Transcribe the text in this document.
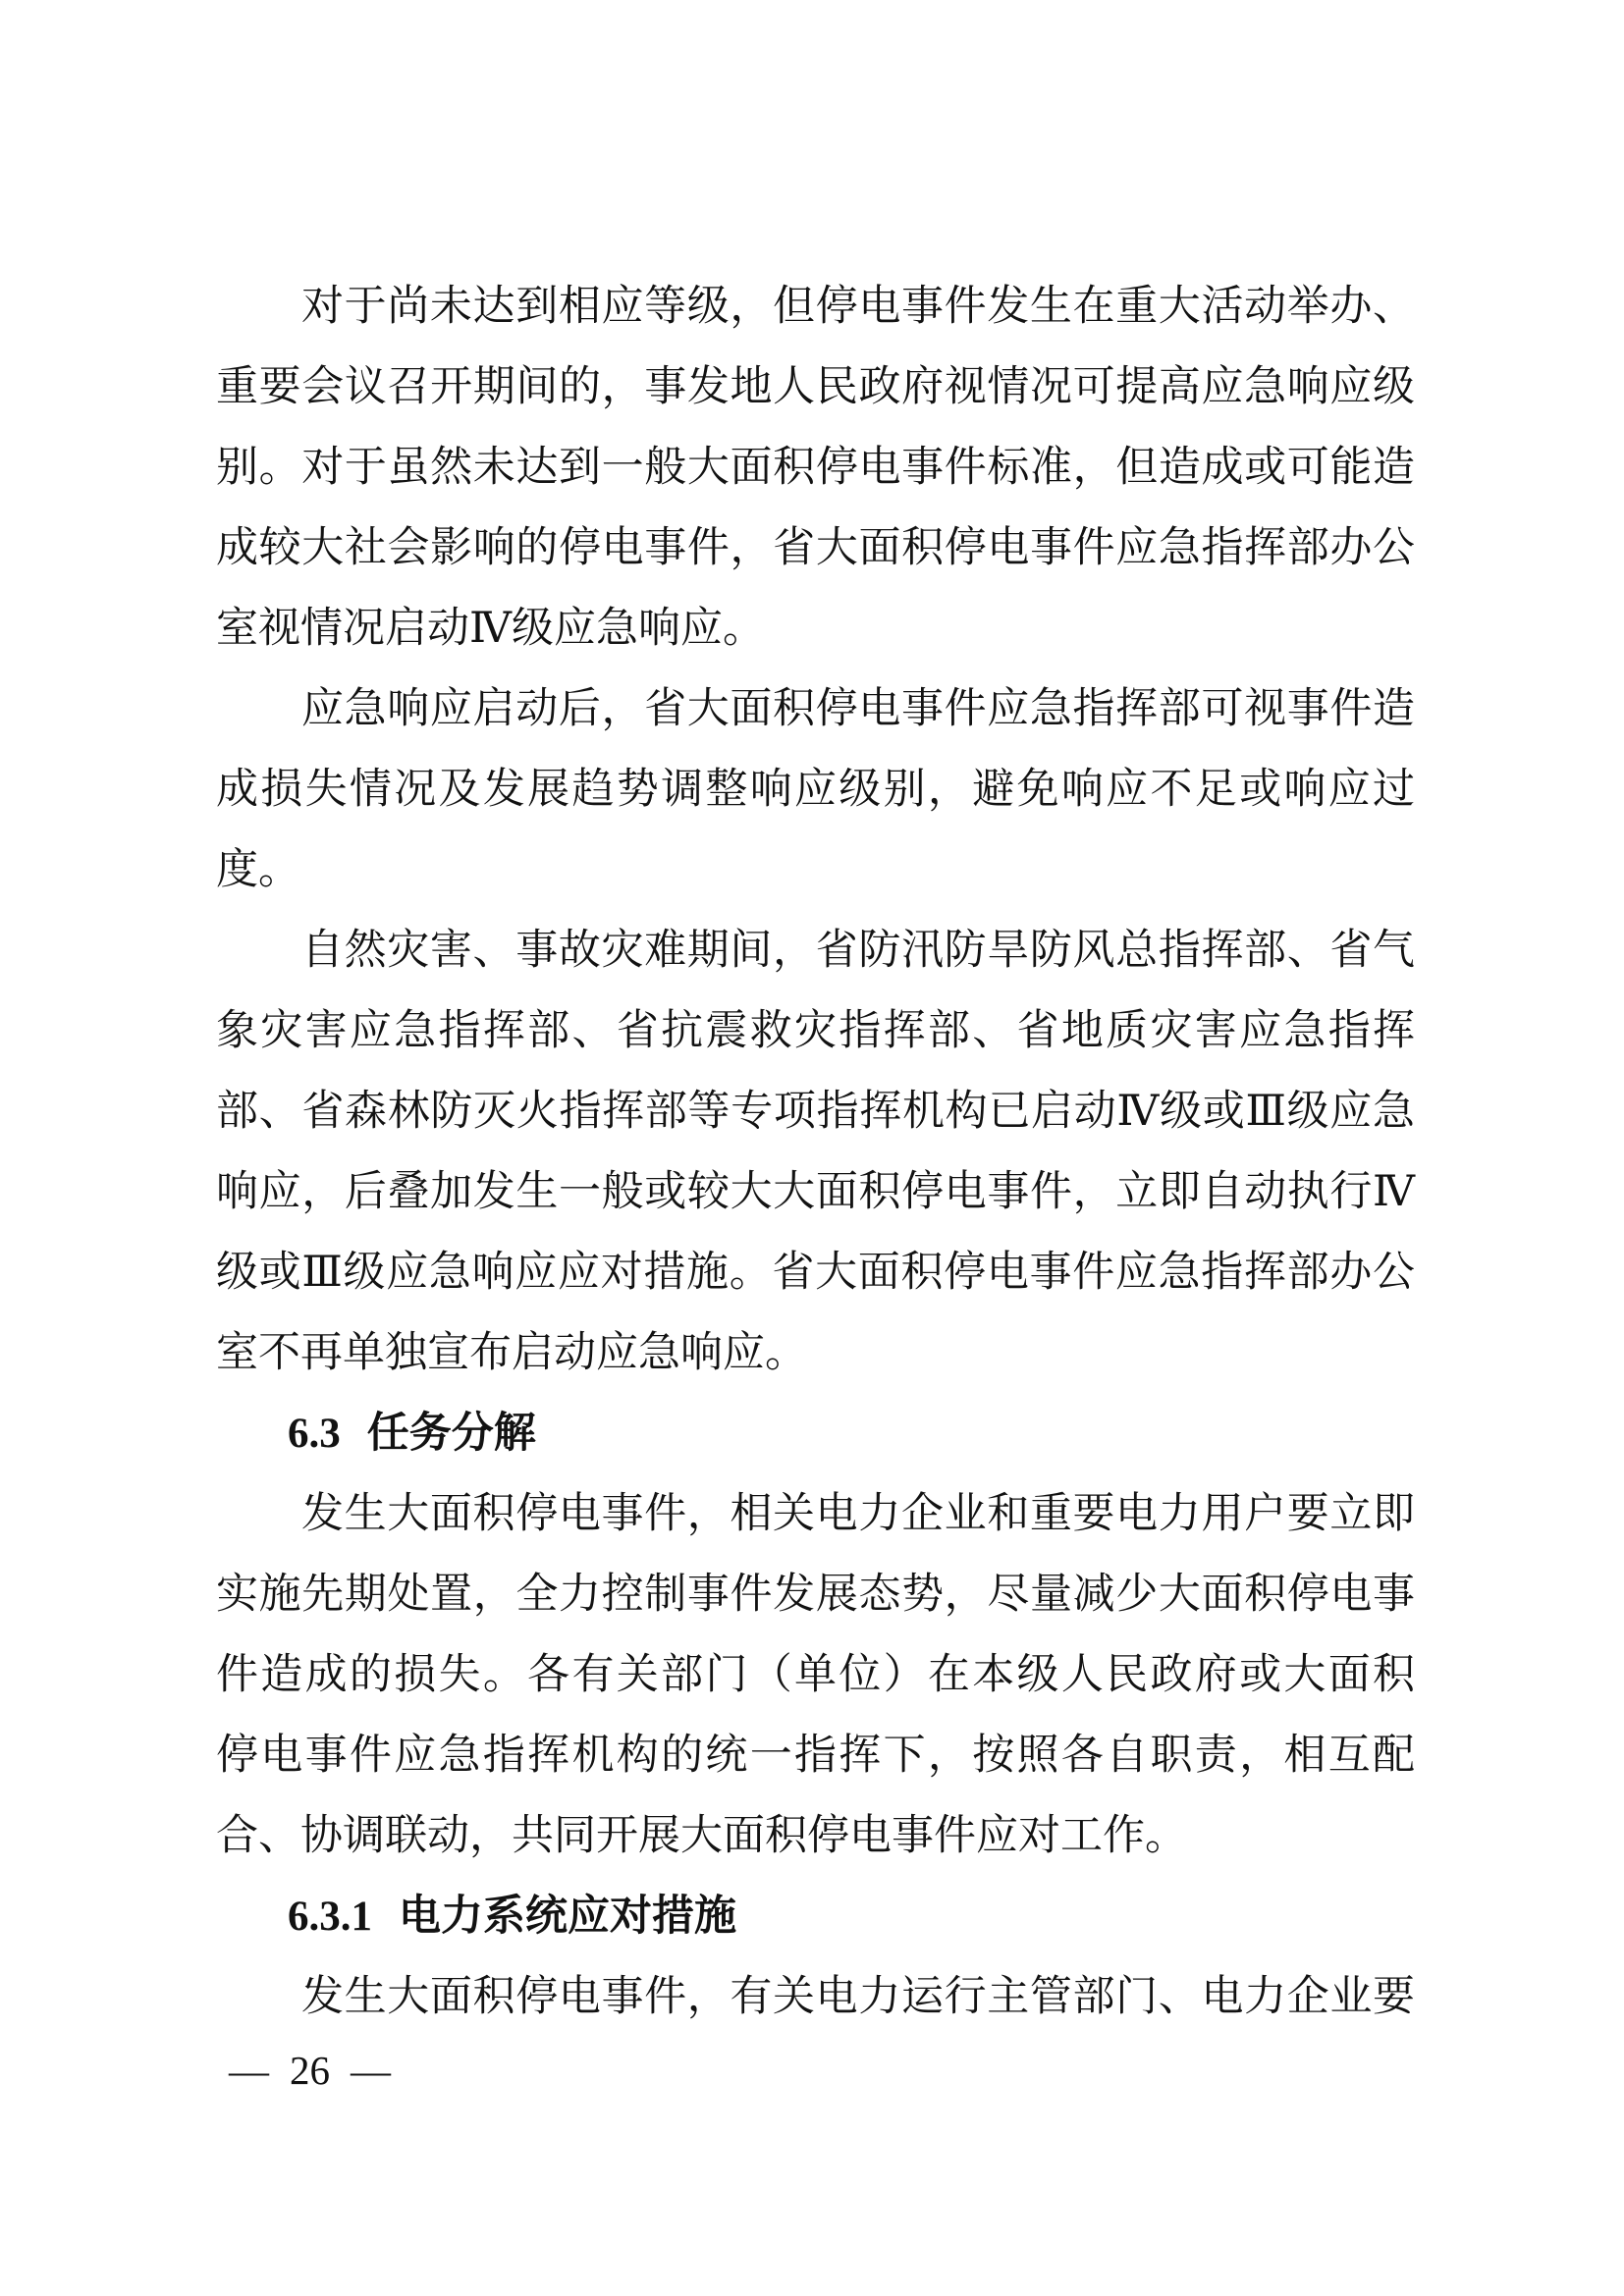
对于尚未达到相应等级，但停电事件发生在重大活动举办、
重要会议召开期间的，事发地人民政府视情况可提高应急响应级
别。对于虽然未达到一般大面积停电事件标准，但造成或可能造
成较大社会影响的停电事件，省大面积停电事件应急指挥部办公
室视情况启动Ⅳ级应急响应。
应急响应启动后，省大面积停电事件应急指挥部可视事件造
成损失情况及发展趋势调整响应级别，避免响应不足或响应过
度。
自然灾害、事故灾难期间，省防汛防旱防风总指挥部、省气
象灾害应急指挥部、省抗震救灾指挥部、省地质灾害应急指挥
部、省森林防灭火指挥部等专项指挥机构已启动Ⅳ级或Ⅲ级应急
响应，后叠加发生一般或较大大面积停电事件，立即自动执行Ⅳ
级或Ⅲ级应急响应应对措施。省大面积停电事件应急指挥部办公
室不再单独宣布启动应急响应。
6.3 任务分解
发生大面积停电事件，相关电力企业和重要电力用户要立即
实施先期处置，全力控制事件发展态势，尽量减少大面积停电事
件造成的损失。各有关部门（单位）在本级人民政府或大面积
停电事件应急指挥机构的统一指挥下，按照各自职责，相互配
合、协调联动，共同开展大面积停电事件应对工作。
6.3.1 电力系统应对措施
发生大面积停电事件，有关电力运行主管部门、电力企业要
— 26 —
